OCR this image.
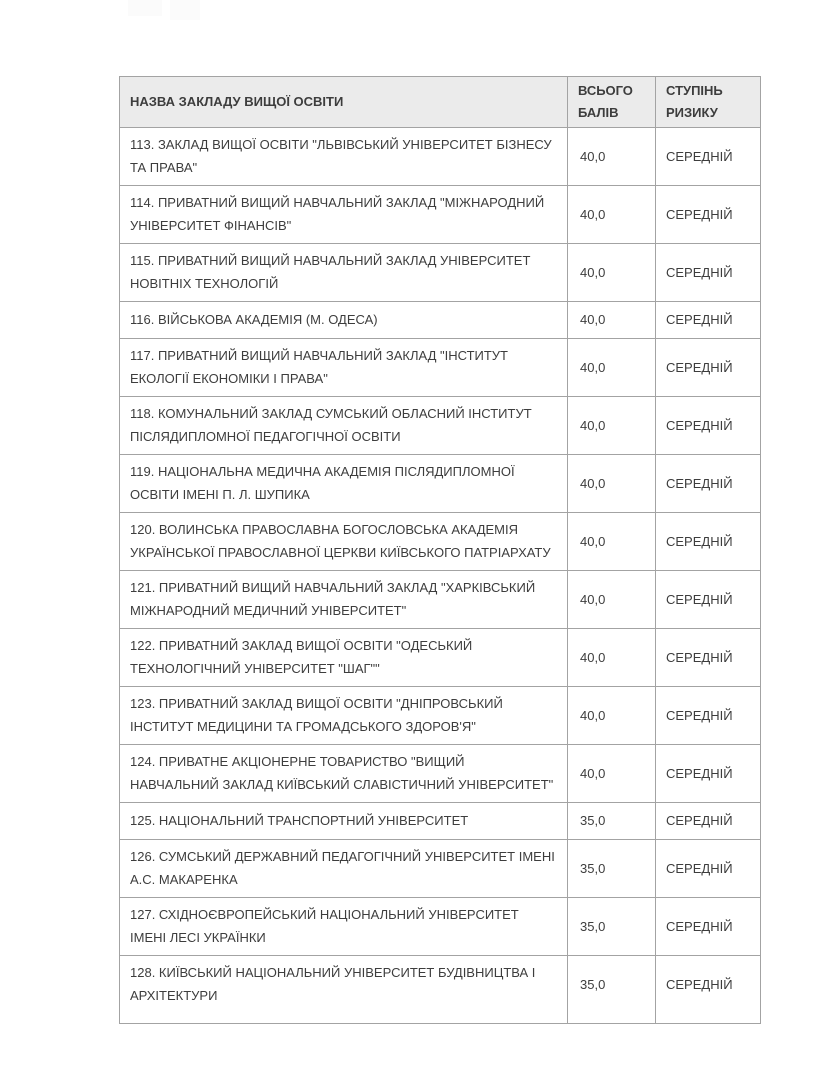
НАЗВА ЗАКЛАДУ ВИЩОЇ ОСВІТИ	ВСЬОГО БАЛІВ	СТУПІНЬ РИЗИКУ
113. ЗАКЛАД ВИЩОЇ ОСВІТИ "ЛЬВІВСЬКИЙ УНІВЕРСИТЕТ БІЗНЕСУ ТА ПРАВА"	40,0	СЕРЕДНІЙ
114. ПРИВАТНИЙ ВИЩИЙ НАВЧАЛЬНИЙ ЗАКЛАД "МІЖНАРОДНИЙ УНІВЕРСИТЕТ ФІНАНСІВ"	40,0	СЕРЕДНІЙ
115. ПРИВАТНИЙ ВИЩИЙ НАВЧАЛЬНИЙ ЗАКЛАД УНІВЕРСИТЕТ НОВІТНІХ ТЕХНОЛОГІЙ	40,0	СЕРЕДНІЙ
116. ВІЙСЬКОВА АКАДЕМІЯ (М. ОДЕСА)	40,0	СЕРЕДНІЙ
117. ПРИВАТНИЙ ВИЩИЙ НАВЧАЛЬНИЙ ЗАКЛАД "ІНСТИТУТ ЕКОЛОГІЇ ЕКОНОМІКИ І ПРАВА"	40,0	СЕРЕДНІЙ
118. КОМУНАЛЬНИЙ ЗАКЛАД СУМСЬКИЙ ОБЛАСНИЙ ІНСТИТУТ ПІСЛЯДИПЛОМНОЇ ПЕДАГОГІЧНОЇ ОСВІТИ	40,0	СЕРЕДНІЙ
119. НАЦІОНАЛЬНА МЕДИЧНА АКАДЕМІЯ ПІСЛЯДИПЛОМНОЇ ОСВІТИ ІМЕНІ П. Л. ШУПИКА	40,0	СЕРЕДНІЙ
120. ВОЛИНСЬКА ПРАВОСЛАВНА БОГОСЛОВСЬКА АКАДЕМІЯ УКРАЇНСЬКОЇ ПРАВОСЛАВНОЇ ЦЕРКВИ КИЇВСЬКОГО ПАТРІАРХАТУ	40,0	СЕРЕДНІЙ
121. ПРИВАТНИЙ ВИЩИЙ НАВЧАЛЬНИЙ ЗАКЛАД "ХАРКІВСЬКИЙ МІЖНАРОДНИЙ МЕДИЧНИЙ УНІВЕРСИТЕТ"	40,0	СЕРЕДНІЙ
122. ПРИВАТНИЙ ЗАКЛАД ВИЩОЇ ОСВІТИ "ОДЕСЬКИЙ ТЕХНОЛОГІЧНИЙ УНІВЕРСИТЕТ "ШАГ""	40,0	СЕРЕДНІЙ
123. ПРИВАТНИЙ ЗАКЛАД ВИЩОЇ ОСВІТИ "ДНІПРОВСЬКИЙ ІНСТИТУТ МЕДИЦИНИ ТА ГРОМАДСЬКОГО ЗДОРОВ'Я"	40,0	СЕРЕДНІЙ
124. ПРИВАТНЕ АКЦІОНЕРНЕ ТОВАРИСТВО "ВИЩИЙ НАВЧАЛЬНИЙ ЗАКЛАД КИЇВСЬКИЙ СЛАВІСТИЧНИЙ УНІВЕРСИТЕТ"	40,0	СЕРЕДНІЙ
125. НАЦІОНАЛЬНИЙ ТРАНСПОРТНИЙ УНІВЕРСИТЕТ	35,0	СЕРЕДНІЙ
126. СУМСЬКИЙ ДЕРЖАВНИЙ ПЕДАГОГІЧНИЙ УНІВЕРСИТЕТ ІМЕНІ А.С. МАКАРЕНКА	35,0	СЕРЕДНІЙ
127. СХІДНОЄВРОПЕЙСЬКИЙ НАЦІОНАЛЬНИЙ УНІВЕРСИТЕТ ІМЕНІ ЛЕСІ УКРАЇНКИ	35,0	СЕРЕДНІЙ
128. КИЇВСЬКИЙ НАЦІОНАЛЬНИЙ УНІВЕРСИТЕТ БУДІВНИЦТВА І АРХІТЕКТУРИ	35,0	СЕРЕДНІЙ
